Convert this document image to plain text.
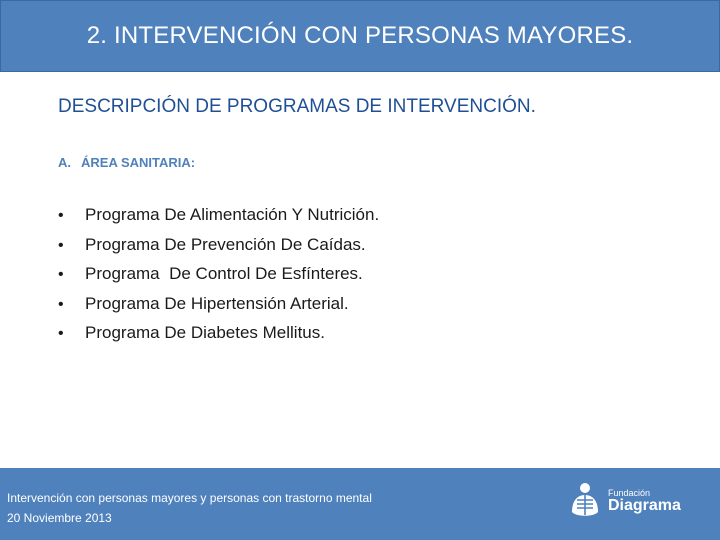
2. INTERVENCIÓN CON PERSONAS MAYORES.
DESCRIPCIÓN DE PROGRAMAS DE INTERVENCIÓN.
A. ÁREA SANITARIA:
•	Programa De Alimentación Y Nutrición.
•	Programa De Prevención De Caídas.
•	Programa  De Control De Esfínteres.
•	Programa De Hipertensión Arterial.
•	Programa De Diabetes Mellitus.
Intervención con personas mayores y personas con trastorno mental
20 Noviembre 2013
Fundación
Diagrama
